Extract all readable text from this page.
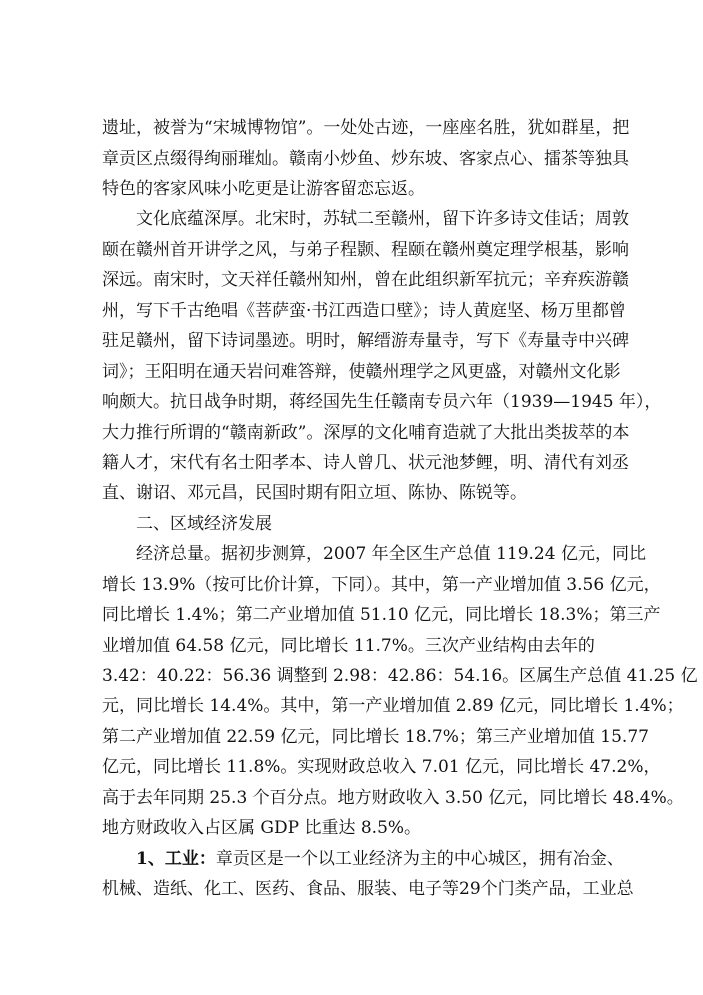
遗址，被誉为“宋城博物馆”。一处处古迹，一座座名胜，犹如群星，把
章贡区点缀得绚丽璀灿。赣南小炒鱼、炒东坡、客家点心、擂茶等独具
特色的客家风味小吃更是让游客留恋忘返。
文化底蕴深厚。北宋时，苏轼二至赣州，留下许多诗文佳话；周敦
颐在赣州首开讲学之风，与弟子程颢、程颐在赣州奠定理学根基，影响
深远。南宋时，文天祥任赣州知州，曾在此组织新军抗元；辛弃疾游赣
州，写下千古绝唱《菩萨蛮·书江西造口壁》；诗人黄庭坚、杨万里都曾
驻足赣州，留下诗词墨迹。明时，解缙游寿量寺，写下《寿量寺中兴碑
词》；王阳明在通天岩问难答辩，使赣州理学之风更盛，对赣州文化影
响颇大。抗日战争时期，蒋经国先生任赣南专员六年（1939—1945 年），
大力推行所谓的“赣南新政”。深厚的文化哺育造就了大批出类拔萃的本
籍人才，宋代有名士阳孝本、诗人曾几、状元池梦鲤，明、清代有刘丞
直、谢诏、邓元昌，民国时期有阳立垣、陈协、陈锐等。
二、区域经济发展
经济总量。据初步测算，2007 年全区生产总值 119.24 亿元，同比
增长 13.9%（按可比价计算，下同）。其中，第一产业增加值 3.56 亿元，
同比增长 1.4%；第二产业增加值 51.10 亿元，同比增长 18.3%；第三产
业增加值 64.58 亿元，同比增长 11.7%。三次产业结构由去年的
3.42：40.22：56.36 调整到 2.98：42.86：54.16。区属生产总值 41.25 亿
元，同比增长 14.4%。其中，第一产业增加值 2.89 亿元，同比增长 1.4%；
第二产业增加值 22.59 亿元，同比增长 18.7%；第三产业增加值 15.77
亿元，同比增长 11.8%。实现财政总收入 7.01 亿元，同比增长 47.2%，
高于去年同期 25.3 个百分点。地方财政收入 3.50 亿元，同比增长 48.4%。
地方财政收入占区属 GDP 比重达 8.5%。
1、工业：章贡区是一个以工业经济为主的中心城区，拥有冶金、
机械、造纸、化工、医药、食品、服装、电子等29个门类产品，工业总
